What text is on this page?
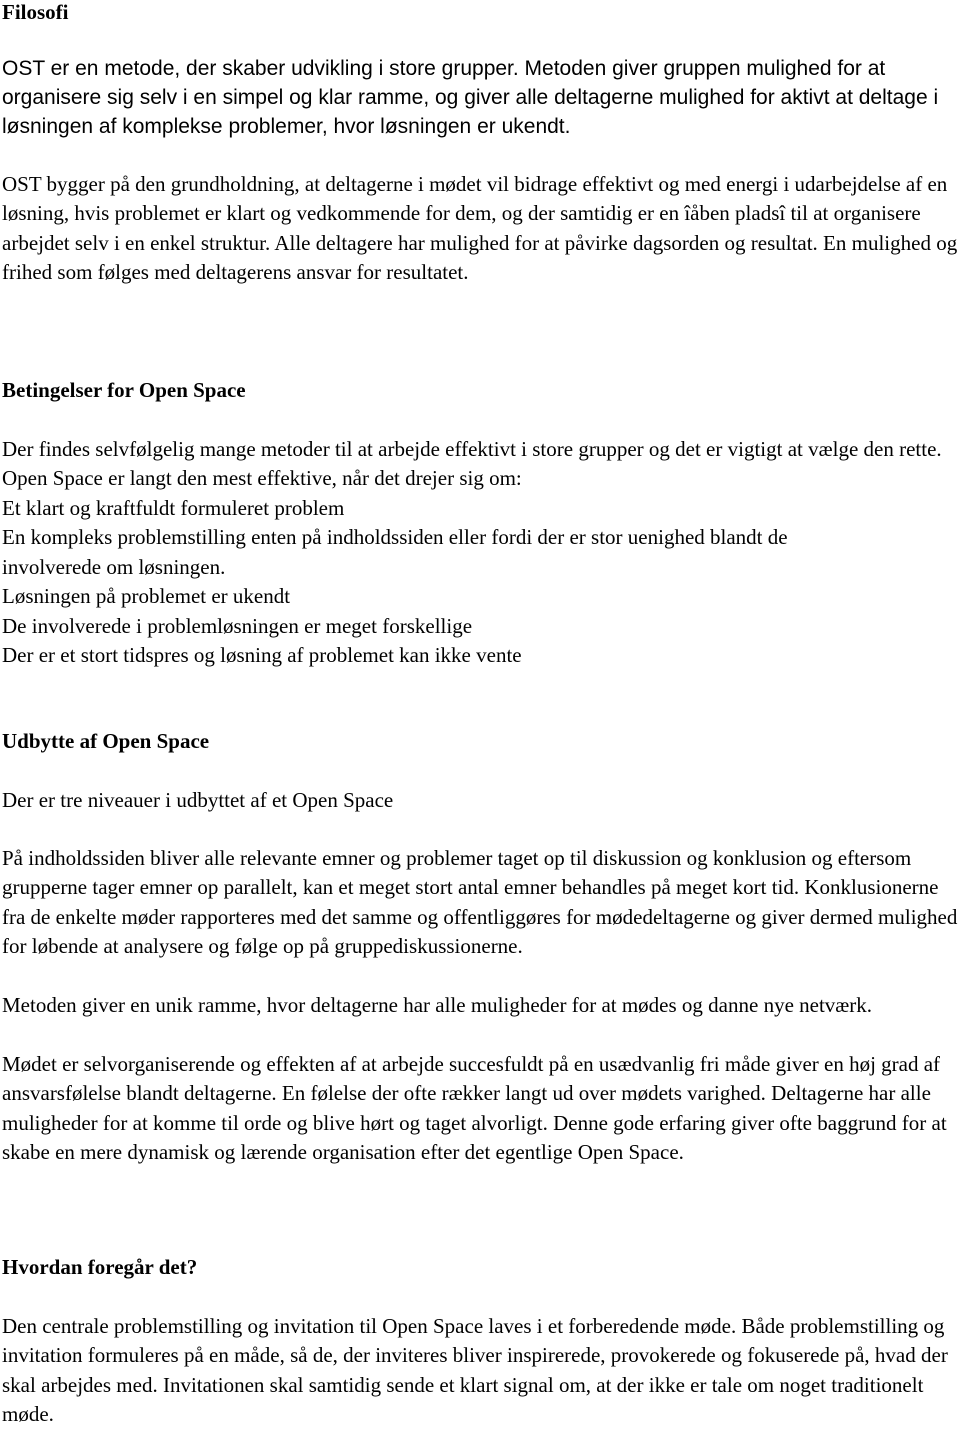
Filosofi

OST er en metode, der skaber udvikling i store grupper. Metoden giver gruppen mulighed for at organisere sig selv i en simpel og klar ramme, og giver alle deltagerne mulighed for aktivt at deltage i løsningen af komplekse problemer, hvor løsningen er ukendt.

OST bygger på den grundholdning, at deltagerne i mødet vil bidrage effektivt og med energi i udarbejdelse af en løsning, hvis problemet er klart og vedkommende for dem, og der samtidig er en îåben pladsî til at organisere arbejdet selv i en enkel struktur. Alle deltagere har mulighed for at påvirke dagsorden og resultat. En mulighed og frihed som følges med deltagerens ansvar for resultatet.

Betingelser for Open Space

Der findes selvfølgelig mange metoder til at arbejde effektivt i store grupper og det er vigtigt at vælge den rette. Open Space er langt den mest effektive, når det drejer sig om:

Et klart og kraftfuldt formuleret problem
En kompleks problemstilling enten på indholdssiden eller fordi der er stor uenighed blandt de
involverede om løsningen.
Løsningen på problemet er ukendt
De involverede i problemløsningen er meget forskellige
Der er et stort tidspres og løsning af problemet kan ikke vente
Udbytte af Open Space

Der er tre niveauer i udbyttet af et Open Space

På indholdssiden bliver alle relevante emner og problemer taget op til diskussion og konklusion og eftersom grupperne tager emner op parallelt, kan et meget stort antal emner behandles på meget kort tid. Konklusionerne fra de enkelte møder rapporteres med det samme og offentliggøres for mødedeltagerne og giver dermed mulighed for løbende at analysere og følge op på gruppediskussionerne.

Metoden giver en unik ramme, hvor deltagerne har alle muligheder for at mødes og danne nye netværk.

Mødet er selvorganiserende og effekten af at arbejde succesfuldt på en usædvanlig fri måde giver en høj grad af ansvarsfølelse blandt deltagerne. En følelse der ofte rækker langt ud over mødets varighed. Deltagerne har alle muligheder for at komme til orde og blive hørt og taget alvorligt. Denne gode erfaring giver ofte baggrund for at skabe en mere dynamisk og lærende organisation efter det egentlige Open Space.

Hvordan foregår det?

Den centrale problemstilling og invitation til Open Space laves i et forberedende møde. Både problemstilling og invitation formuleres på en måde, så de, der inviteres bliver inspirerede, provokerede og fokuserede på, hvad der skal arbejdes med. Invitationen skal samtidig sende et klart signal om, at der ikke er tale om noget traditionelt møde.
